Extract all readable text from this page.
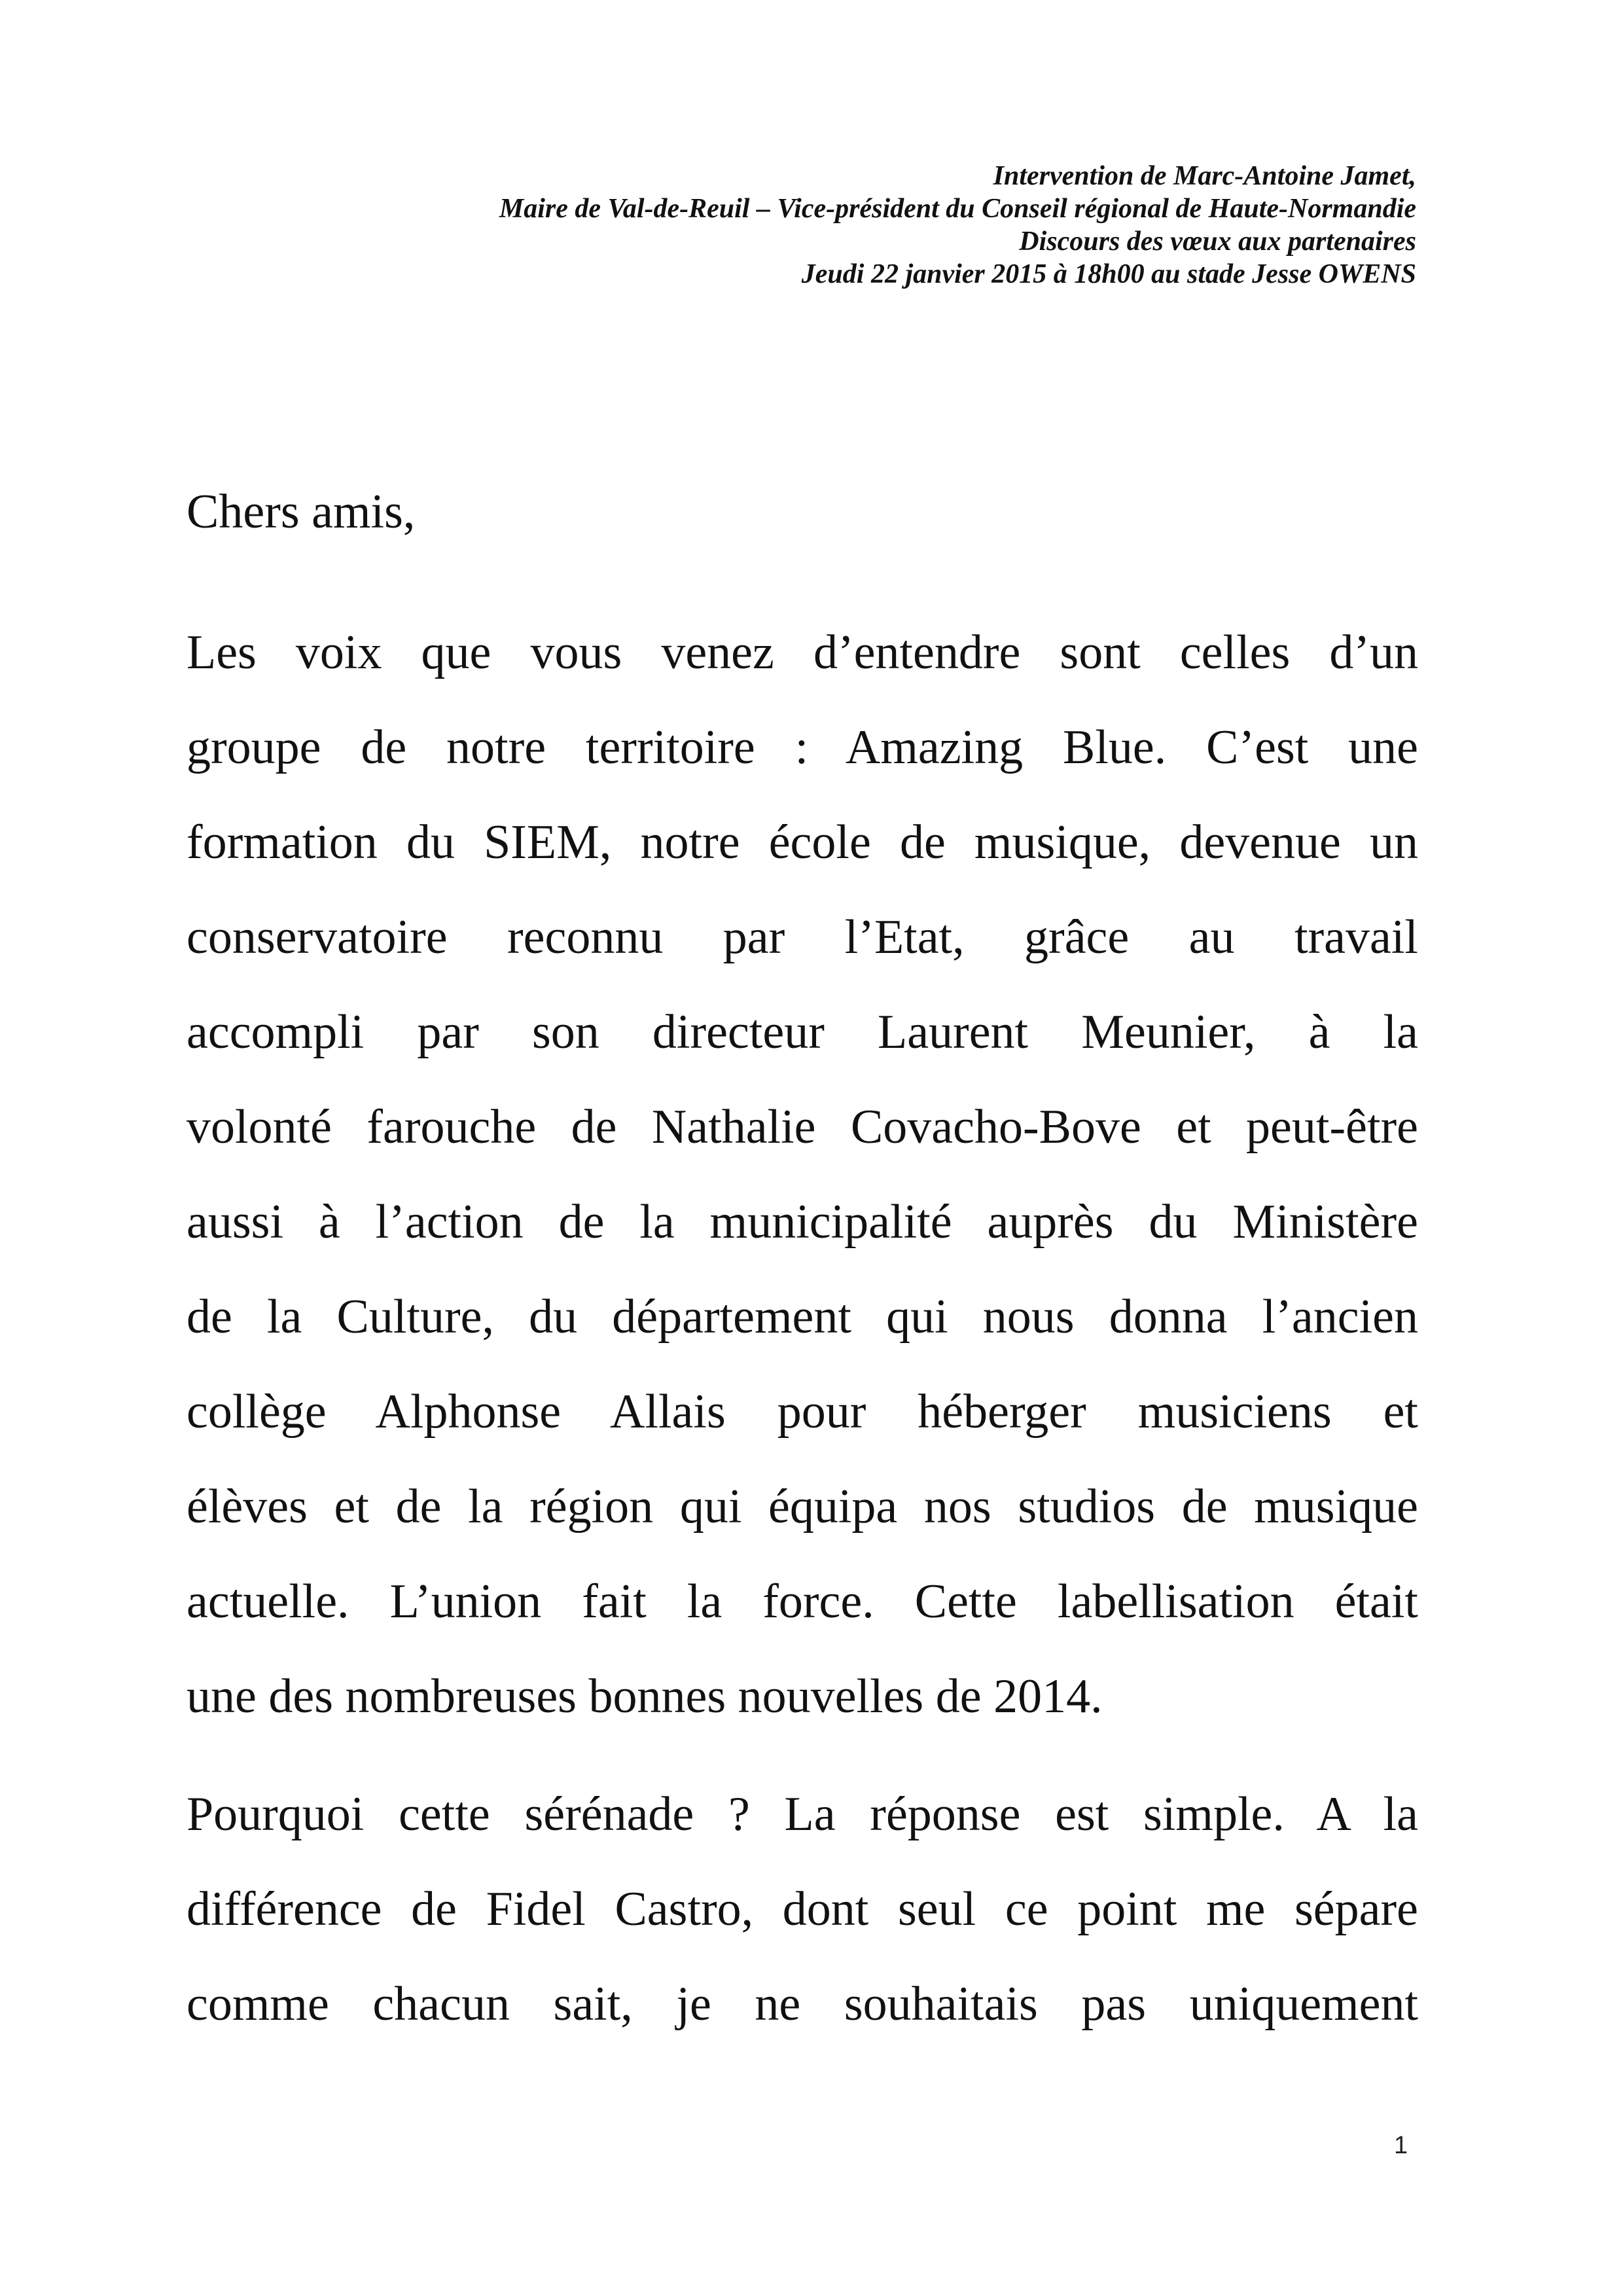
Intervention de Marc-Antoine Jamet,
Maire de Val-de-Reuil – Vice-président du Conseil régional de Haute-Normandie
Discours des vœux aux partenaires
Jeudi 22 janvier 2015 à 18h00 au stade Jesse OWENS
Chers amis,
Les voix que vous venez d’entendre sont celles d’un
groupe de notre territoire : Amazing Blue. C’est une
formation du SIEM, notre école de musique, devenue un
conservatoire reconnu par l’Etat, grâce au travail
accompli par son directeur Laurent Meunier, à la
volonté farouche de Nathalie Covacho-Bove et peut-être
aussi à l’action de la municipalité auprès du Ministère
de la Culture, du département qui nous donna l’ancien
collège Alphonse Allais pour héberger musiciens et
élèves et de la région qui équipa nos studios de musique
actuelle. L’union fait la force. Cette labellisation était
une des nombreuses bonnes nouvelles de 2014.
Pourquoi cette sérénade ? La réponse est simple. A la
différence de Fidel Castro, dont seul ce point me sépare
comme chacun sait, je ne souhaitais pas uniquement
1
